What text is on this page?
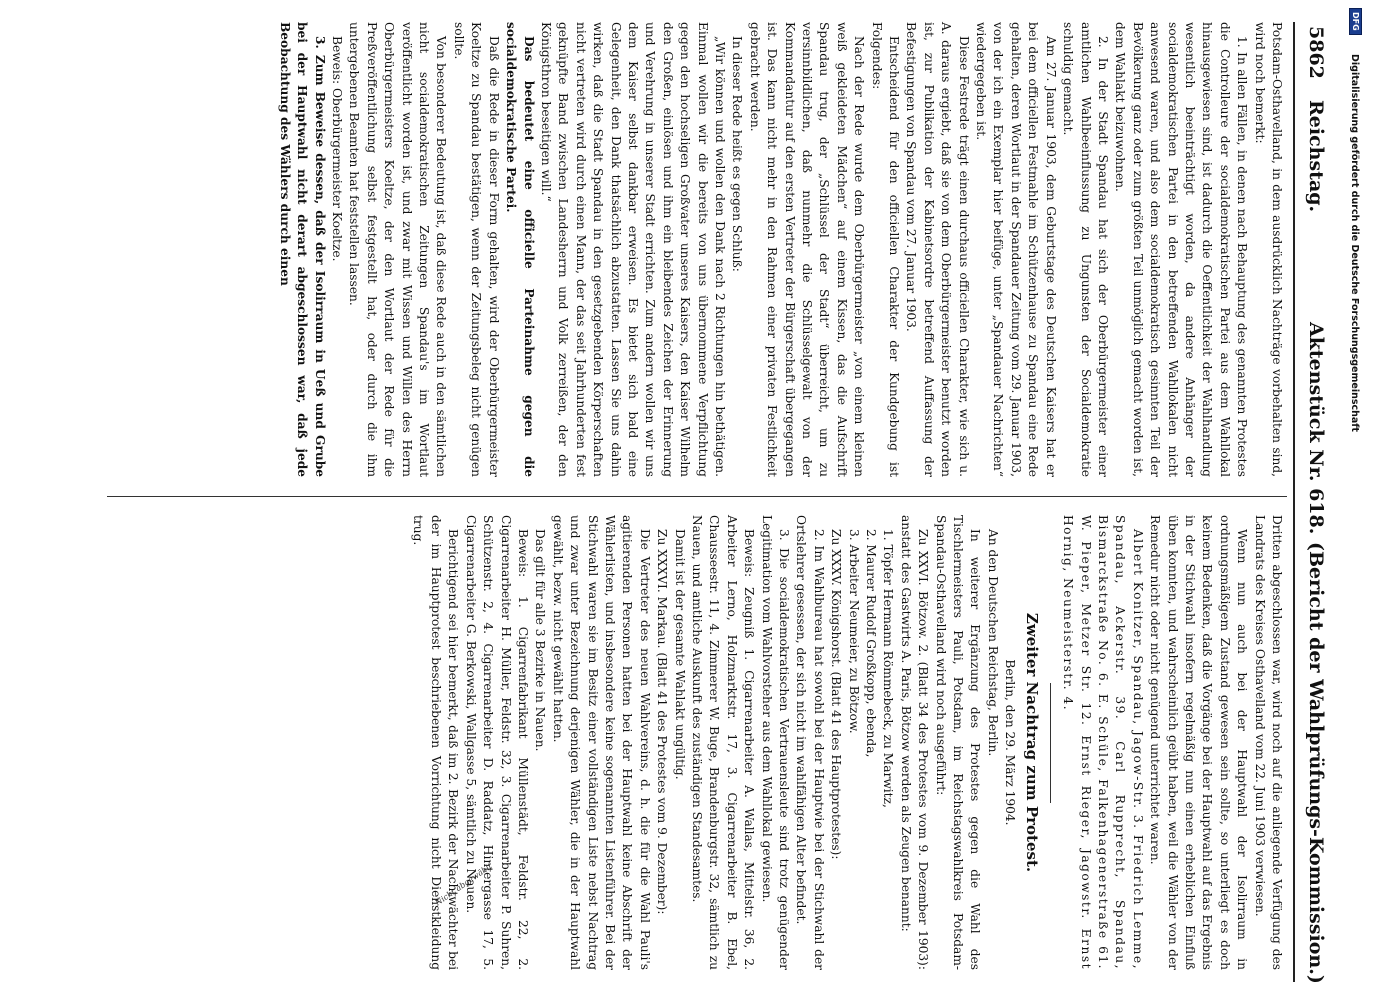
5862
Reichstag.
Aktenstück Nr. 618.
(Bericht der Wahlprüfungs-Kommission.)

Potsdam-Osthavelland, in dem ausdrücklich Nachträge vorbehalten sind, wird noch bemerkt:

1. In allen Fällen, in denen nach Behauptung des genannten Protestes die Controlleure der socialdemokratischen Partei aus dem Wahllokal hinausgewiesen sind, ist dadurch die Oeffentlichkeit der Wahlhandlung wesentlich beeinträchtigt worden, da andere Anhänger der socialdemokratischen Partei in den betreffenden Wahllokalen nicht anwesend waren, und also dem socialdemokratisch gesinnten Teil der Bevölkerung ganz oder zum größten Teil unmöglich gemacht worden ist, dem Wahlakt beizuwohnen.

2. In der Stadt Spandau hat sich der Oberbürgermeister einer amtlichen Wahlbeeinflussung zu Ungunsten der Socialdemokratie schuldig gemacht.

Am 27. Januar 1903, dem Geburtstage des Deutschen Kaisers hat er bei dem officiellen Festmahle im Schützenhause zu Spandau eine Rede gehalten, deren Wortlaut in der Spandauer Zeitung vom 29. Januar 1903, von der ich ein Exemplar hier beifüge, unter „Spandauer Nachrichten“ wiedergegeben ist.

Diese Festrede trägt einen durchaus officiellen Charakter, wie sich u. A. daraus ergiebt, daß sie von dem Oberbürgermeister benutzt worden ist, zur Publikation der Kabinetsordre betreffend Auffassung der Befestigungen von Spandau vom 27. Januar 1903.

Entscheidend für den officiellen Charakter der Kundgebung ist Folgendes:

Nach der Rede wurde dem Oberbürgermeister „von einem kleinen weiß gekleideten Mädchen“ auf einem Kissen, das die Aufschrift Spandau trug, der „Schlüssel der Stadt“ überreicht, um zu versinnbildlichen, daß nunmehr die Schlüsselgewalt von der Kommandantur auf den ersten Vertreter der Bürgerschaft übergegangen ist. Das kann nicht mehr in den Rahmen einer privaten Festlichkeit gebracht werden.

In dieser Rede heißt es gegen Schluß:

„Wir können und wollen den Dank nach 2 Richtungen hin bethätigen. Einmal wollen wir die bereits von uns übernommene Verpflichtung gegen den hochseligen Großvater unseres Kaisers, den Kaiser Wilhelm den Großen, einlösen und ihm ein bleibendes Zeichen der Erinnerung und Verehrung in unserer Stadt errichten. Zum andern wollen wir uns dem Kaiser selbst dankbar erweisen. Es bietet sich bald eine Gelegenheit, den Dank thatsächlich abzustatten. Lassen Sie uns dahin wirken, daß die Stadt Spandau in den gesetzgebenden Körperschaften nicht vertreten wird durch einen Mann, der das seit Jahrhunderten fest geknüpfte Band zwischen Landesherrn und Volk zerreißen, der den Königsthron beseitigen will.“

Das bedeutet eine officielle Parteinahme gegen die socialdemokratische Partei.

Daß die Rede in dieser Form gehalten, wird der Oberbürgermeister Koeltze zu Spandau bestätigen, wenn der Zeitungsbeleg nicht genügen sollte.

Von besonderer Bedeutung ist, daß diese Rede auch in den sämtlichen nicht socialdemokratischen Zeitungen Spandau's im Wortlaut veröffentlicht worden ist, und zwar mit Wissen und Willen des Herrn Oberbürgermeisters Koeltze, der den Wortlaut der Rede für die Preßveröffentlichung selbst festgestellt hat, oder durch die ihm untergebenen Beamten hat feststellen lassen.

Beweis: Oberbürgermeister Koeltze.

3. Zum Beweise dessen, daß der Isolirraum in Ueß und Grube bei der Hauptwahl nicht derart abgeschlossen war, daß jede Beobachtung des Wählers durch einen

Dritten abgeschlossen war, wird noch auf die anliegende Verfügung des Landrats des Kreises Osthavelland vom 22. Juni 1903 verwiesen.

Wenn nun auch bei der Hauptwahl der Isolirraum in ordnungsmäßigem Zustand gewesen sein sollte, so unterliegt es doch keinem Bedenken, daß die Vorgänge bei der Hauptwahl auf das Ergebnis in der Stichwahl insofern regelmäßig nun einen erheblichen Einfluß üben konnten, und wahrscheinlich geübt haben, weil die Wähler von der Remedur nicht oder nicht genügend unterrichtet waren.

Albert Konitzer, Spandau, Jagow-Str. 3. Friedrich Lemme, Spandau, Ackerstr. 39. Carl Rupprecht, Spandau, Bismarckstraße No. 6. E. Schüle, Falkenhagenerstraße 61. W. Pieper, Metzer Str. 12. Ernst Rieger, Jagowstr. Ernst Hornig, Neumeisterstr. 4.

Zweiter Nachtrag zum Protest.

Berlin, den 29. März 1904.

An den Deutschen Reichstag, Berlin.

In weiterer Ergänzung des Protestes gegen die Wahl des Tischlermeisters Pauli, Potsdam, im Reichstagswahlkreis Potsdam-Spandau-Osthavelland wird noch ausgeführt:

Zu XXVI. Bötzow. 2. (Blatt 34 des Protestes vom 9. Dezember 1903): anstatt des Gastwirts A. Paris, Bötzow werden als Zeugen benannt:

1. Töpfer Hermann Römmebeck, zu Marwitz,

2. Maurer Rudolf Großkopp, ebenda,

3. Arbeiter Neumeier, zu Bötzow.

Zu XXXV. Königshorst. (Blatt 41 des Hauptprotestes):

2. Im Wahlbureau hat sowohl bei der Hauptwie bei der Stichwahl der Ortslehrer gesessen, der sich nicht im wahlfähigen Alter befindet.

3. Die socialdemokratischen Vertrauensleute sind trotz genügender Legitimation vom Wahlvorsteher aus dem Wahllokal gewiesen.

Beweis: Zeugniß 1. Cigarrenarbeiter A. Wallas, Mittelstr. 36, 2. Arbeiter Lerno, Holzmarktstr. 17, 3. Cigarrenarbeiter B. Ebel, Chausseestr. 11, 4. Zimmerer W. Buge, Brandenburgstr. 32, sämtlich zu Nauen, und amtliche Auskunft des zuständigen Standesamtes.

Damit ist der gesamte Wahlakt ungültig.

Zu XXXVI. Markau. (Blatt 41 des Protestes vom 9. Dezember):

Die Vertreter des neuen Wahlvereins, d. h. die für die Wahl Pauli's agitierenden Personen hatten bei der Hauptwahl keine Abschrift der Wählerlisten, und insbesondere keine sogenannten Listenführer. Bei der Stichwahl waren sie im Besitz einer vollständigen Liste nebst Nachtrag und zwar unter Bezeichnung derjenigen Wähler, die in der Hauptwahl gewählt, bezw. nicht gewählt hatten.

Das gilt für alle 3 Bezirke in Nauen.

Beweis: 1. Cigarrenfabrikant Müllenstädt, Feldstr. 22, 2. Cigarrenarbeiter H. Müller, Feldstr. 32, 3. Cigarrenarbeiter P. Suhren, Schützenstr. 2, 4. Cigarrenarbeiter D. Raddatz, Hintergasse 17, 5. Cigarrenarbeiter G. Berkowski, Wallgasse 5, sämtlich zu Nauen.

Berichtigend sei hier bemerkt, daß im 2. Bezirk der Nachtwächter bei der im Hauptprotest beschriebenen Vorrichtung nicht Dienstkleidung trug.

Nicht abgewählt
DFG
Digitalisierung gefördert durch die Deutsche Forschungsgemeinschaft
